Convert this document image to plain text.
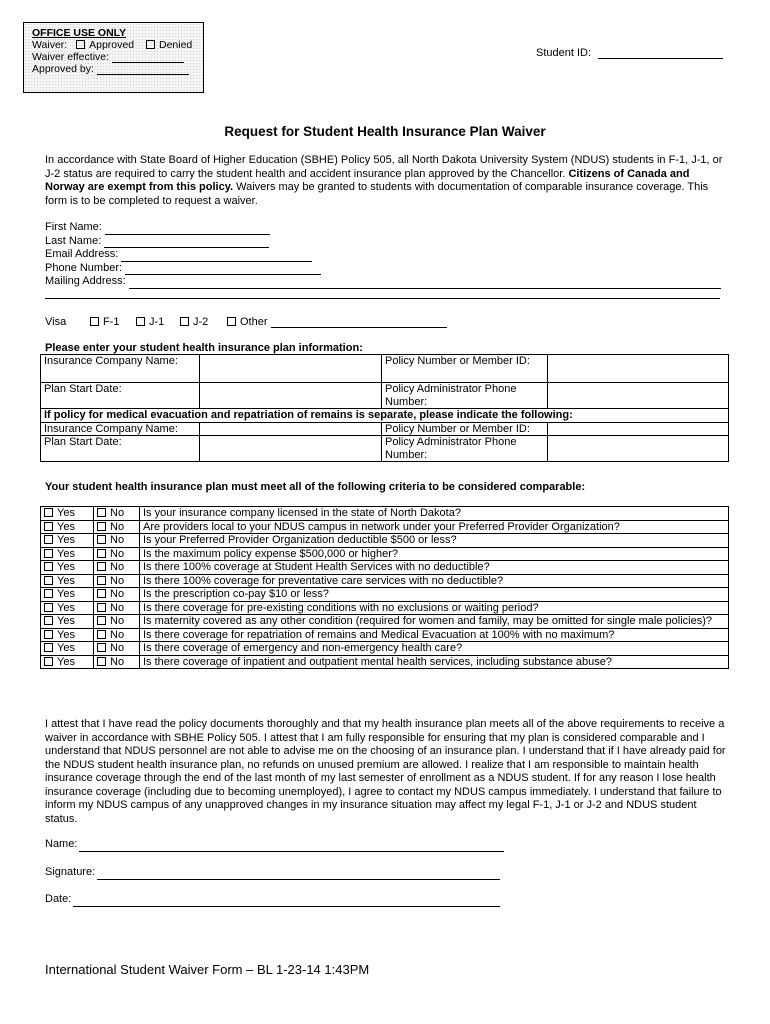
OFFICE USE ONLY
Waiver: Approved Denied
Waiver effective:
Approved by:
Student ID:
Request for Student Health Insurance Plan Waiver
In accordance with State Board of Higher Education (SBHE) Policy 505, all North Dakota University System (NDUS) students in F-1, J-1, or J-2 status are required to carry the student health and accident insurance plan approved by the Chancellor. Citizens of Canada and Norway are exempt from this policy. Waivers may be granted to students with documentation of comparable insurance coverage. This form is to be completed to request a waiver.
First Name:
Last Name:
Email Address:
Phone Number:
Mailing Address:
Visa	F-1	J-1	J-2	Other
Please enter your student health insurance plan information:
Insurance Company Name:		Policy Number or Member ID:	
Plan Start Date:		Policy Administrator Phone Number:	
If policy for medical evacuation and repatriation of remains is separate, please indicate the following:			
Insurance Company Name:		Policy Number or Member ID:	
Plan Start Date:		Policy Administrator Phone Number:	
Your student health insurance plan must meet all of the following criteria to be considered comparable:
Yes	No	Is your insurance company licensed in the state of North Dakota?
Yes	No	Are providers local to your NDUS campus in network under your Preferred Provider Organization?
Yes	No	Is your Preferred Provider Organization deductible $500 or less?
Yes	No	Is the maximum policy expense $500,000 or higher?
Yes	No	Is there 100% coverage at Student Health Services with no deductible?
Yes	No	Is there 100% coverage for preventative care services with no deductible?
Yes	No	Is the prescription co-pay $10 or less?
Yes	No	Is there coverage for pre-existing conditions with no exclusions or waiting period?
Yes	No	Is maternity covered as any other condition (required for women and family, may be omitted for single male policies)?
Yes	No	Is there coverage for repatriation of remains and Medical Evacuation at 100% with no maximum?
Yes	No	Is there coverage of emergency and non-emergency health care?
Yes	No	Is there coverage of inpatient and outpatient mental health services, including substance abuse?
I attest that I have read the policy documents thoroughly and that my health insurance plan meets all of the above requirements to receive a waiver in accordance with SBHE Policy 505. I attest that I am fully responsible for ensuring that my plan is considered comparable and I understand that NDUS personnel are not able to advise me on the choosing of an insurance plan. I understand that if I have already paid for the NDUS student health insurance plan, no refunds on unused premium are allowed. I realize that I am responsible to maintain health insurance coverage through the end of the last month of my last semester of enrollment as a NDUS student. If for any reason I lose health insurance coverage (including due to becoming unemployed), I agree to contact my NDUS campus immediately. I understand that failure to inform my NDUS campus of any unapproved changes in my insurance situation may affect my legal F-1, J-1 or J-2 and NDUS student status.
Name:
Signature:
Date:
International Student Waiver Form – BL 1-23-14 1:43PM
